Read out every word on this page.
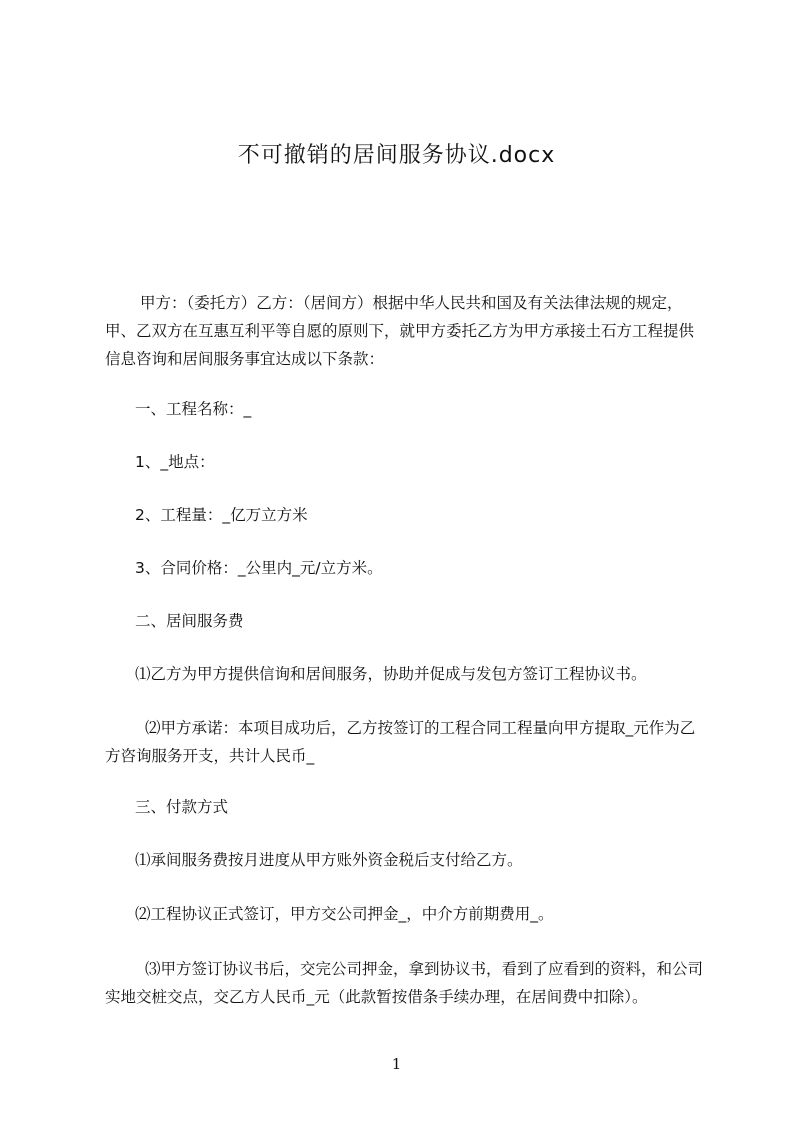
不可撤销的居间服务协议.docx

甲方：（委托方）乙方：（居间方）根据中华人民共和国及有关法律法规的规定，甲、乙双方在互惠互利平等自愿的原则下，就甲方委托乙方为甲方承接土石方工程提供信息咨询和居间服务事宜达成以下条款：

一、工程名称：_

1、_地点：

2、工程量：_亿万立方米

3、合同价格：_公里内_元/立方米。

二、居间服务费

⑴乙方为甲方提供信询和居间服务，协助并促成与发包方签订工程协议书。

⑵甲方承诺：本项目成功后，乙方按签订的工程合同工程量向甲方提取_元作为乙方咨询服务开支，共计人民币_

三、付款方式

⑴承间服务费按月进度从甲方账外资金税后支付给乙方。

⑵工程协议正式签订，甲方交公司押金_，中介方前期费用_。

⑶甲方签订协议书后，交完公司押金，拿到协议书，看到了应看到的资料，和公司实地交桩交点，交乙方人民币_元（此款暂按借条手续办理，在居间费中扣除）。

1
